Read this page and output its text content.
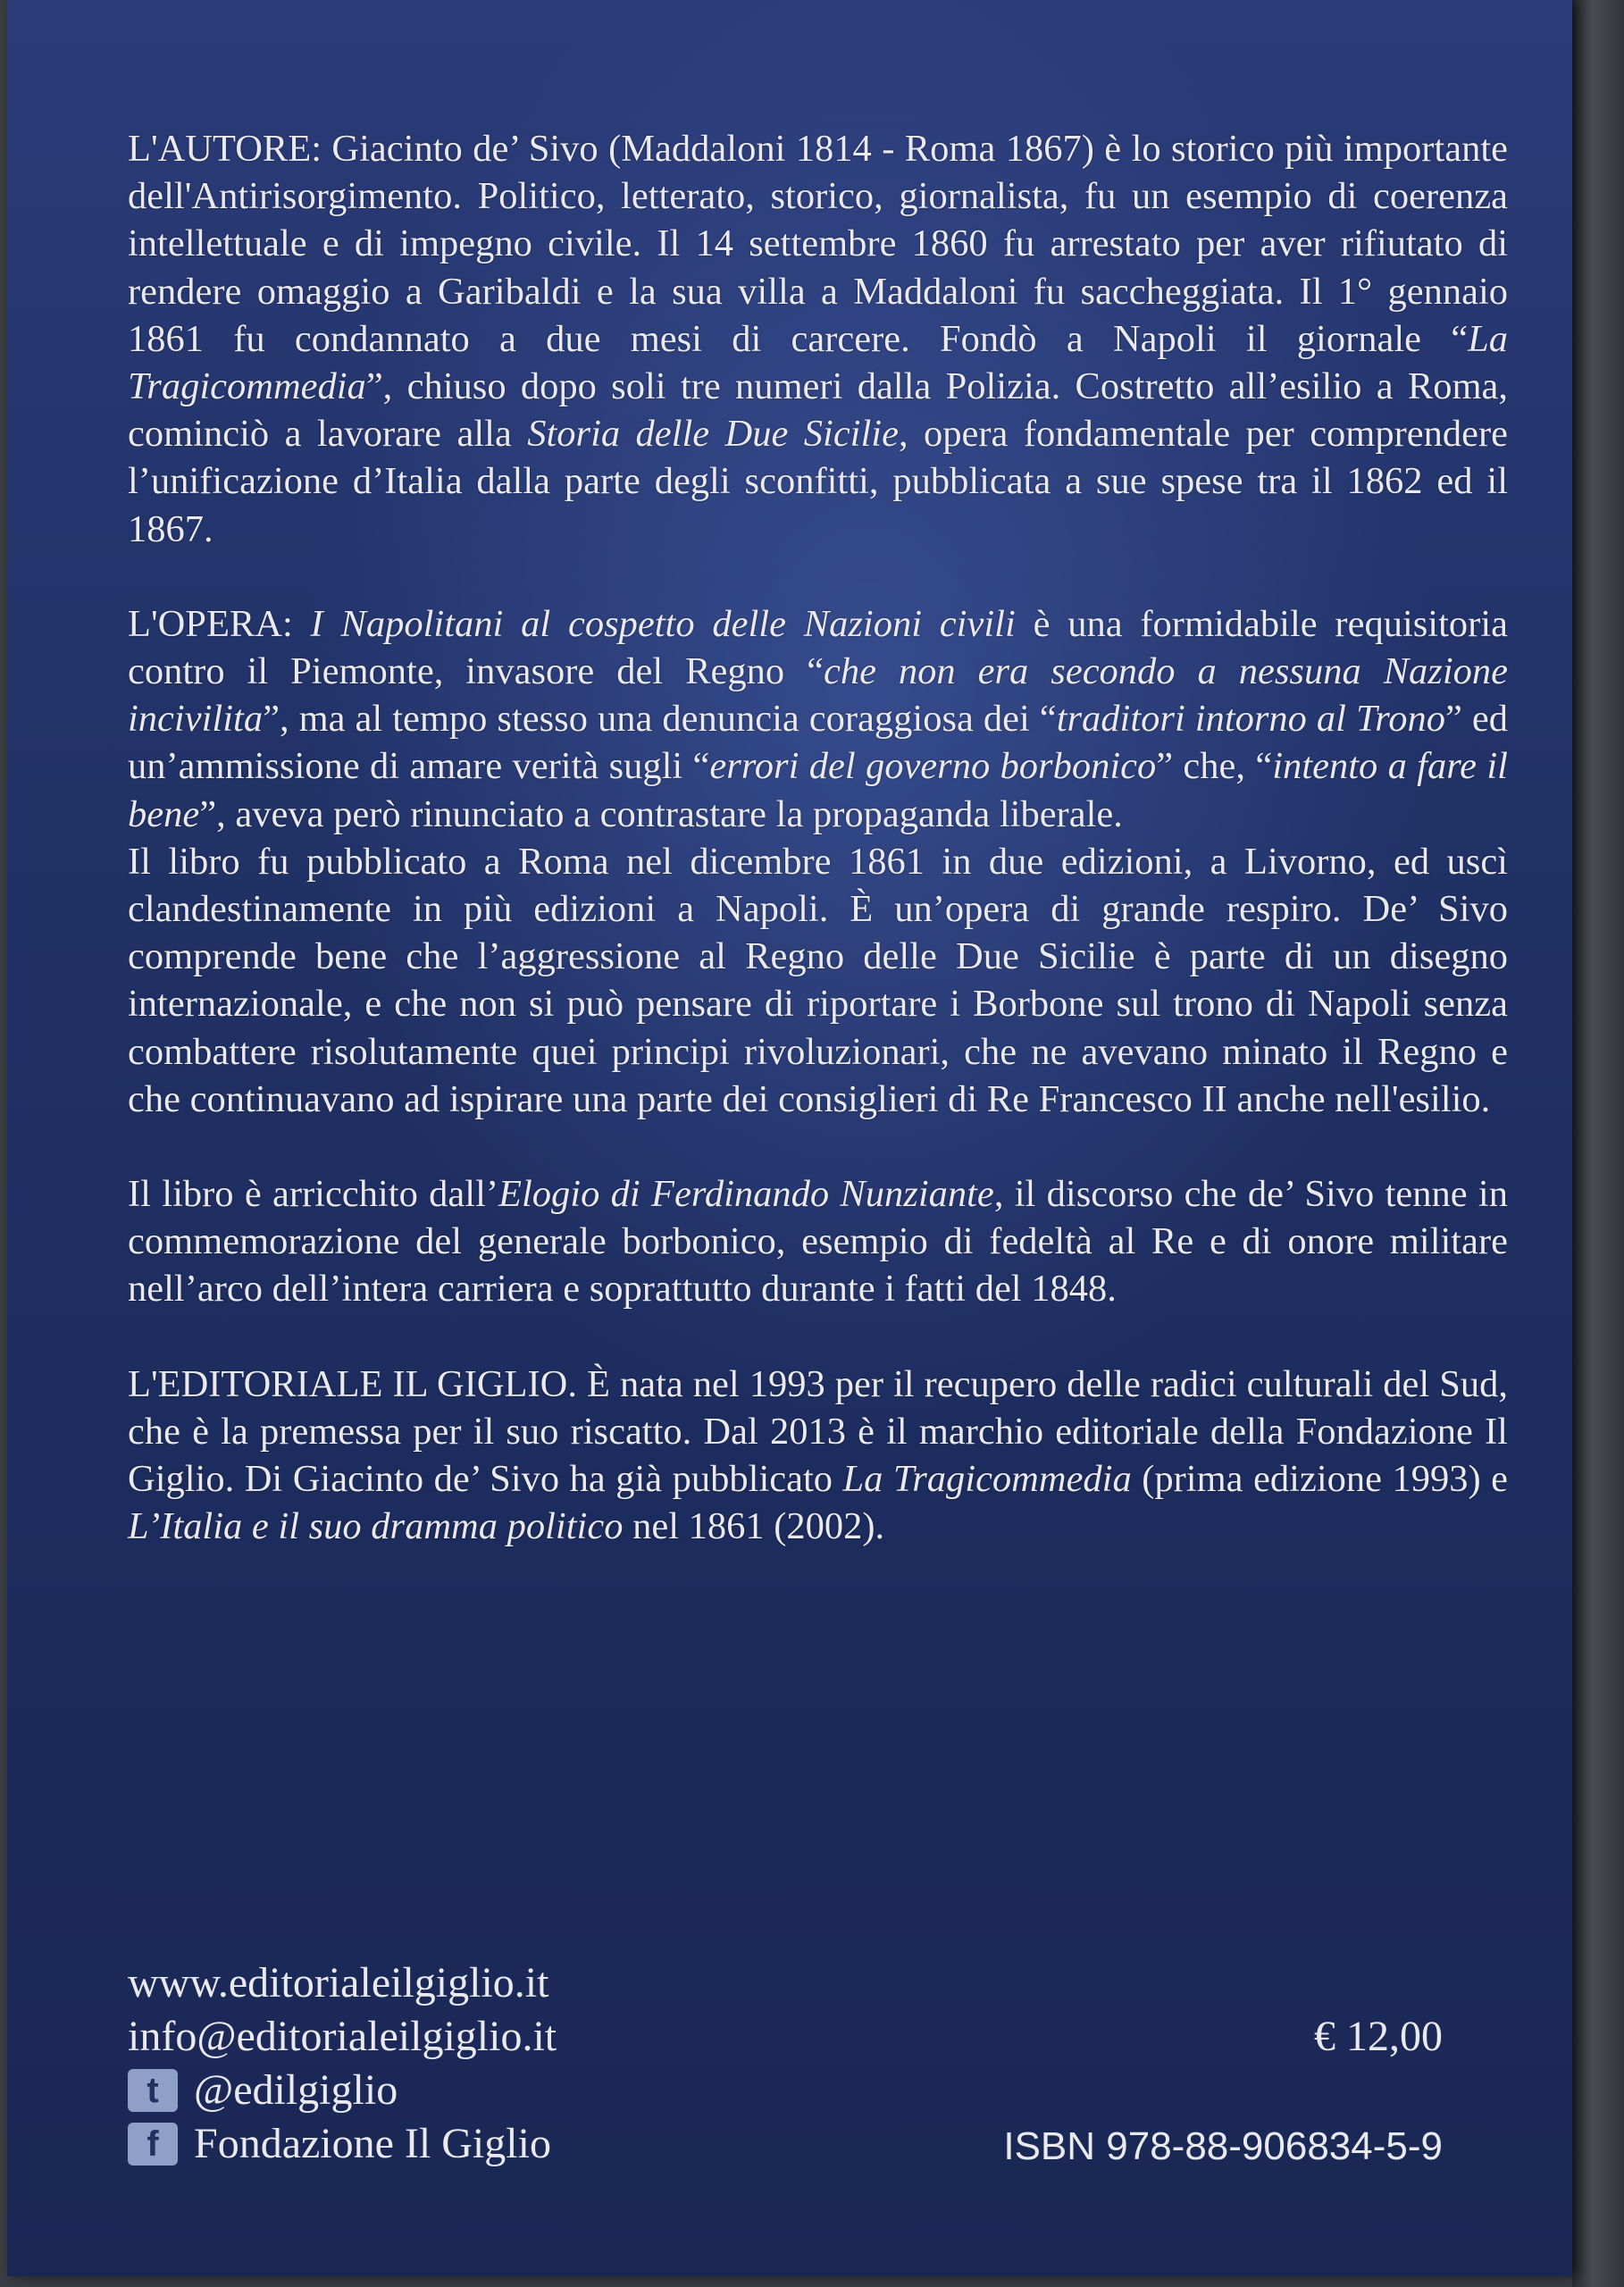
L'AUTORE: Giacinto de’ Sivo (Maddaloni 1814 - Roma 1867) è lo storico più importante dell'Antirisorgimento. Politico, letterato, storico, giornalista, fu un esempio di coerenza intellettuale e di impegno civile. Il 14 settembre 1860 fu arrestato per aver rifiutato di rendere omaggio a Garibaldi e la sua villa a Maddaloni fu saccheggiata. Il 1° gennaio 1861 fu condannato a due mesi di carcere. Fondò a Napoli il giornale “La Tragicommedia”, chiuso dopo soli tre numeri dalla Polizia. Costretto all’esilio a Roma, cominciò a lavorare alla Storia delle Due Sicilie, opera fondamentale per comprendere l’unificazione d’Italia dalla parte degli sconfitti, pubblicata a sue spese tra il 1862 ed il 1867.

L'OPERA: I Napolitani al cospetto delle Nazioni civili è una formidabile requisitoria contro il Piemonte, invasore del Regno “che non era secondo a nessuna Nazione incivilita”, ma al tempo stesso una denuncia coraggiosa dei “traditori intorno al Trono” ed un’ammissione di amare verità sugli “errori del governo borbonico” che, “intento a fare il bene”, aveva però rinunciato a contrastare la propaganda liberale.

Il libro fu pubblicato a Roma nel dicembre 1861 in due edizioni, a Livorno, ed uscì clandestinamente in più edizioni a Napoli. È un’opera di grande respiro. De’ Sivo comprende bene che l’aggressione al Regno delle Due Sicilie è parte di un disegno internazionale, e che non si può pensare di riportare i Borbone sul trono di Napoli senza combattere risolutamente quei principi rivoluzionari, che ne avevano minato il Regno e che continuavano ad ispirare una parte dei consiglieri di Re Francesco II anche nell'esilio.

Il libro è arricchito dall’Elogio di Ferdinando Nunziante, il discorso che de’ Sivo tenne in commemorazione del generale borbonico, esempio di fedeltà al Re e di onore militare nell’arco dell’intera carriera e soprattutto durante i fatti del 1848.

L'EDITORIALE IL GIGLIO. È nata nel 1993 per il recupero delle radici culturali del Sud, che è la premessa per il suo riscatto. Dal 2013 è il marchio editoriale della Fondazione Il Giglio. Di Giacinto de’ Sivo ha già pubblicato La Tragicommedia (prima edizione 1993) e L’Italia e il suo dramma politico nel 1861 (2002).

www.editorialeilgiglio.it
info@editorialeilgiglio.it
t @edilgiglio
f Fondazione Il Giglio
€ 12,00
ISBN 978-88-906834-5-9
